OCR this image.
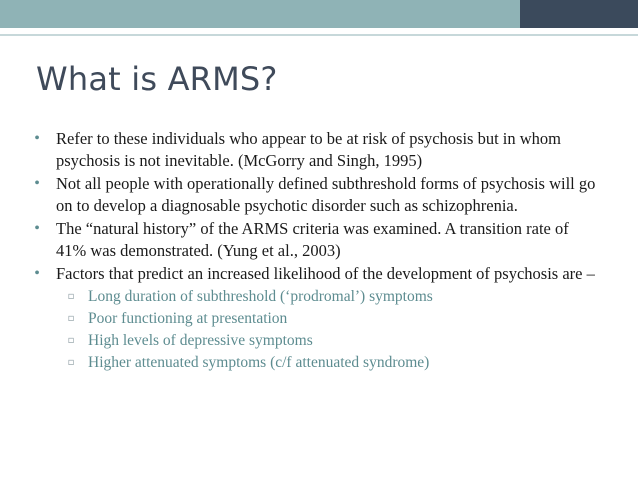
What is ARMS?
• Refer to these individuals who appear to be at risk of psychosis but in whom psychosis is not inevitable. (McGorry and Singh, 1995)
• Not all people with operationally defined subthreshold forms of psychosis will go on to develop a diagnosable psychotic disorder such as schizophrenia.
• The “natural history” of the ARMS criteria was examined. A transition rate of 41% was demonstrated. (Yung et al., 2003)
• Factors that predict an increased likelihood of the development of psychosis are –
▫ Long duration of subthreshold (‘prodromal’) symptoms
▫ Poor functioning at presentation
▫ High levels of depressive symptoms
▫ Higher attenuated symptoms (c/f attenuated syndrome)
